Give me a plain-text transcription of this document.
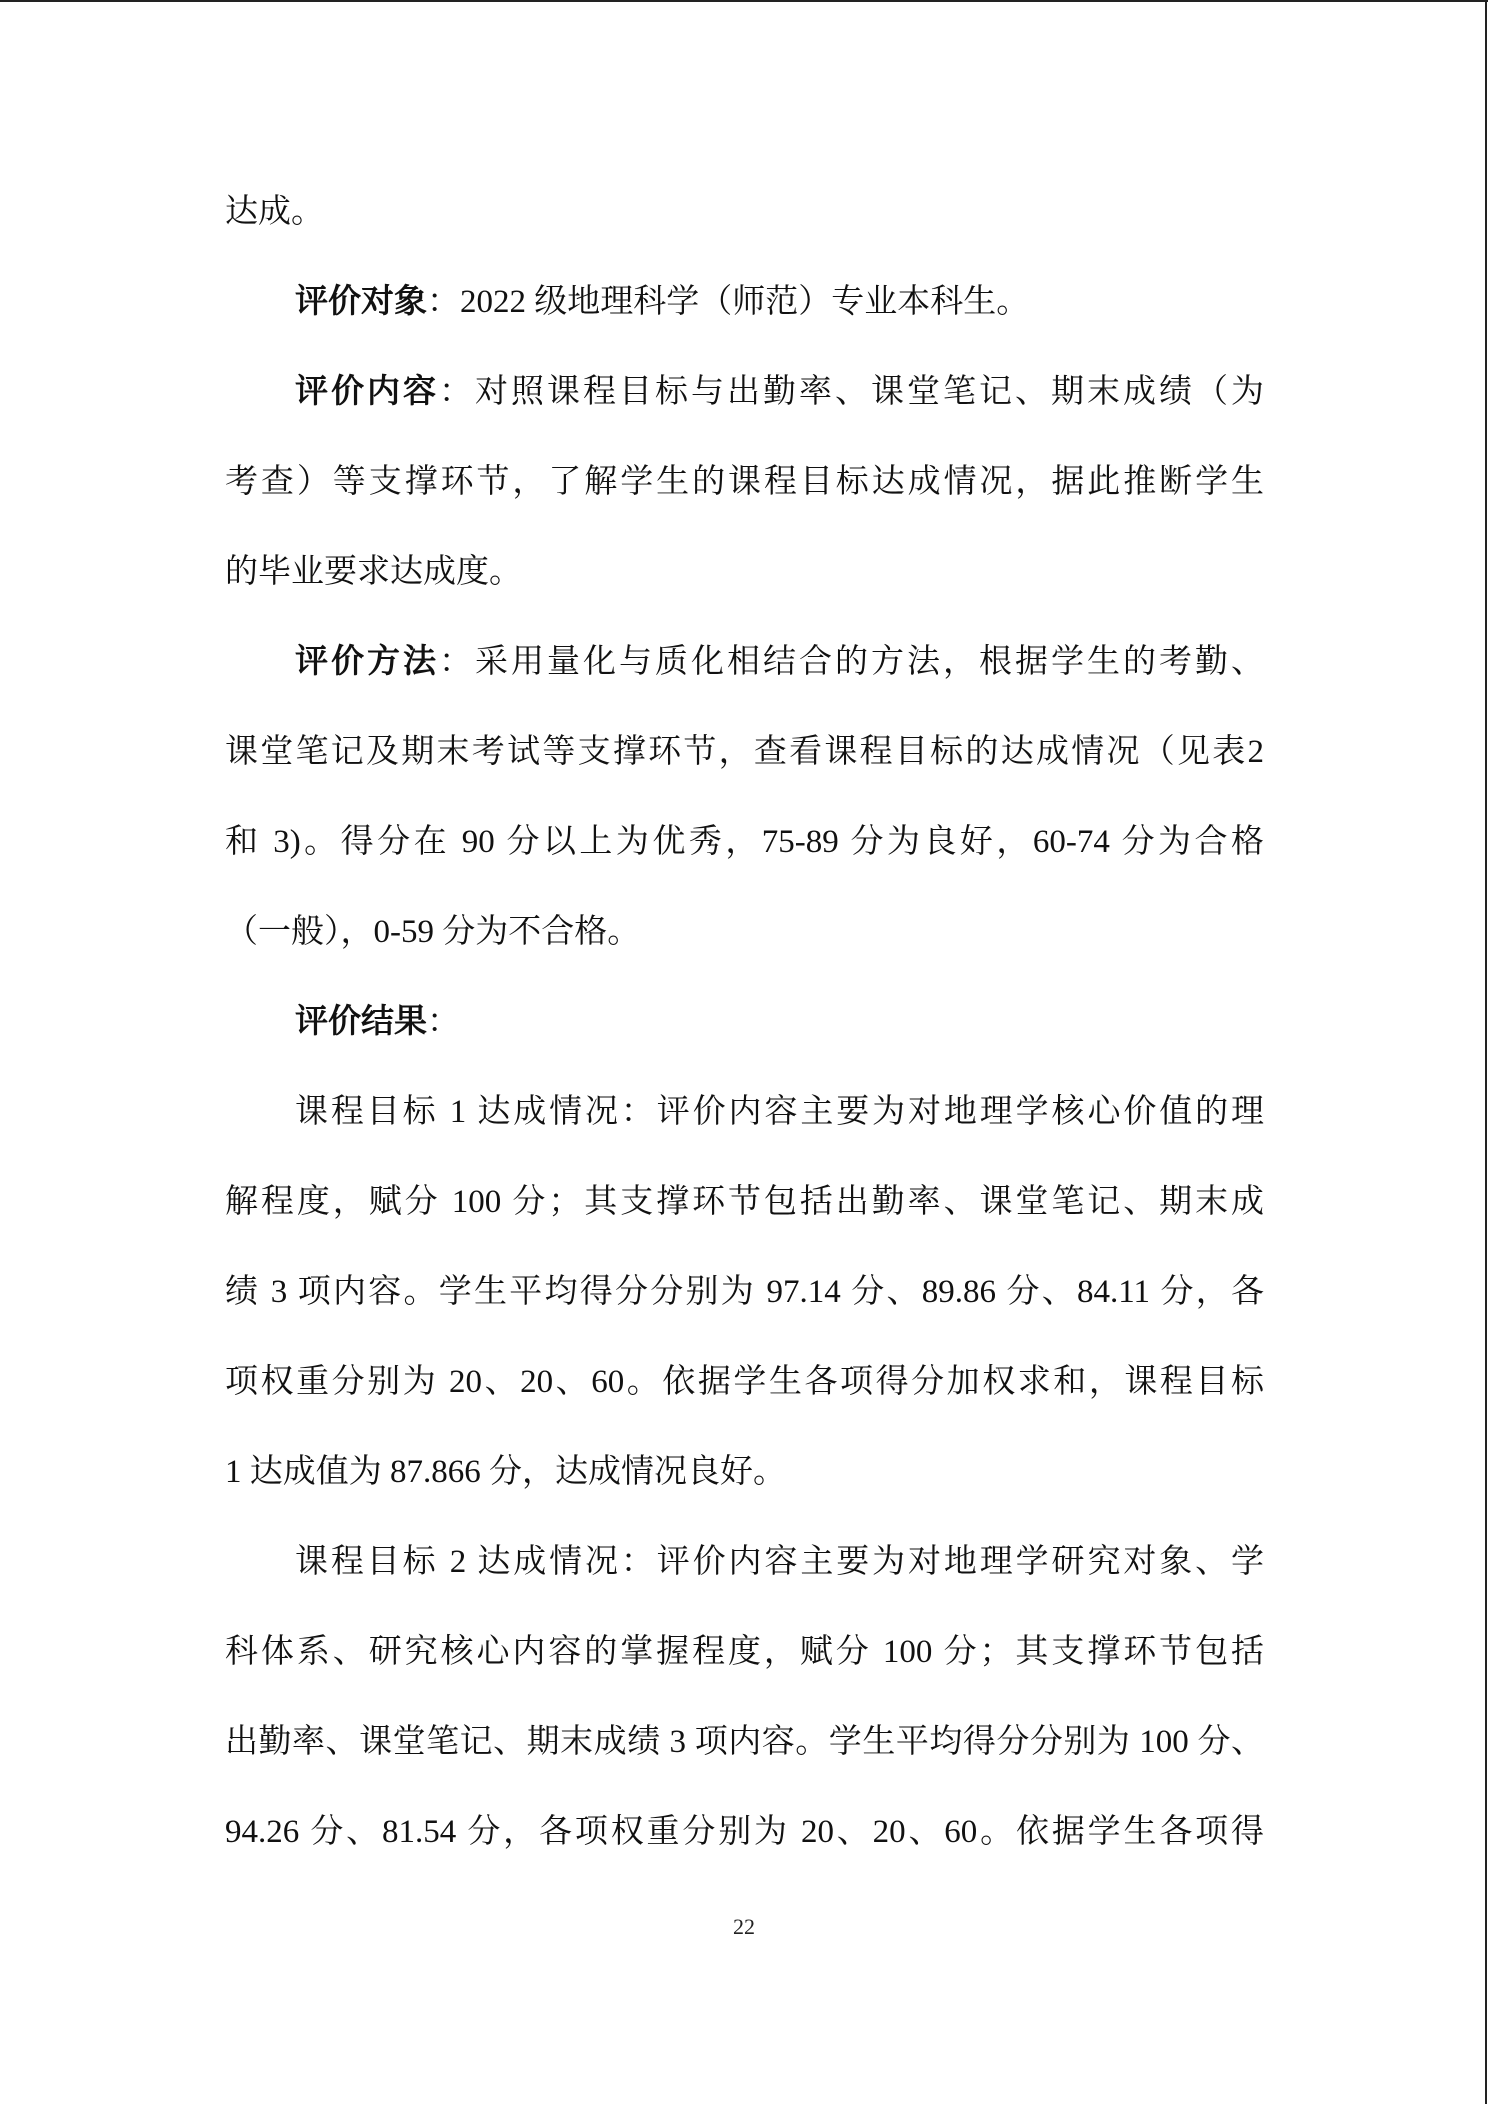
达成。
评价对象：2022 级地理科学（师范）专业本科生。
评价内容：对照课程目标与出勤率、课堂笔记、期末成绩（为
考查）等支撑环节，了解学生的课程目标达成情况，据此推断学生
的毕业要求达成度。
评价方法：采用量化与质化相结合的方法，根据学生的考勤、
课堂笔记及期末考试等支撑环节，查看课程目标的达成情况（见表2
和 3)。得分在 90 分以上为优秀，75-89 分为良好，60-74 分为合格
（一般），0-59 分为不合格。
评价结果：
课程目标 1 达成情况：评价内容主要为对地理学核心价值的理
解程度，赋分 100 分；其支撑环节包括出勤率、课堂笔记、期末成
绩 3 项内容。学生平均得分分别为 97.14 分、89.86 分、84.11 分，各
项权重分别为 20、20、60。依据学生各项得分加权求和，课程目标
1 达成值为 87.866 分，达成情况良好。
课程目标 2 达成情况：评价内容主要为对地理学研究对象、学
科体系、研究核心内容的掌握程度，赋分 100 分；其支撑环节包括
出勤率、课堂笔记、期末成绩 3 项内容。学生平均得分分别为 100 分、
94.26 分、81.54 分，各项权重分别为 20、20、60。依据学生各项得
22
